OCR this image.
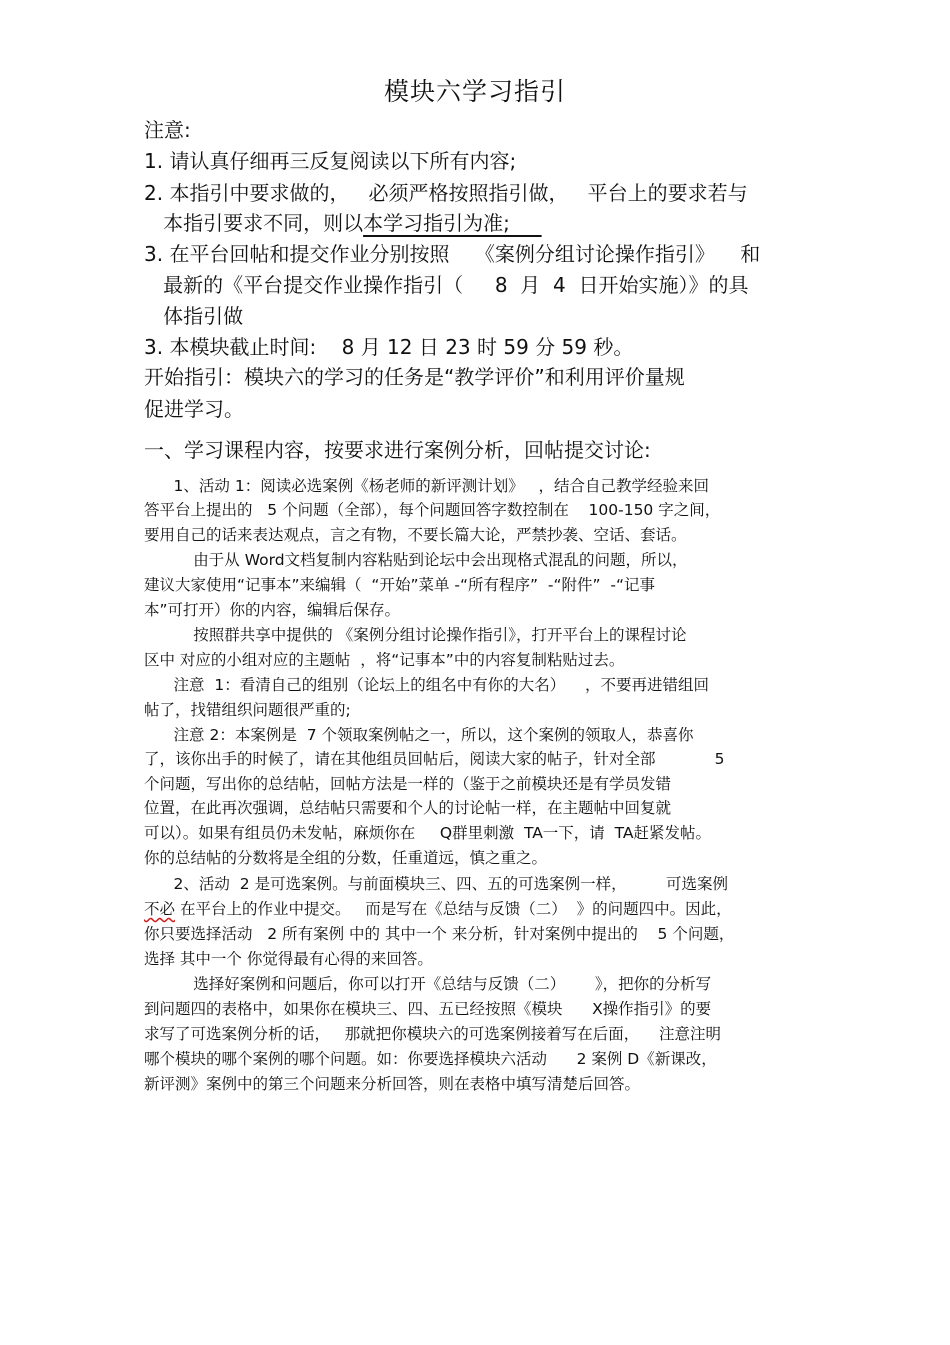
模块六学习指引
注意:
1. 请认真仔细再三反复阅读以下所有内容;
2. 本指引中要求做的，   必须严格按照指引做，   平台上的要求若与
本指引要求不同，则以本学习指引为准;
3. 在平台回帖和提交作业分别按照    《案例分组讨论操作指引》    和
最新的《平台提交作业操作指引（     8  月  4  日开始实施）》的具
体指引做
3. 本模块截止时间:    8 月 12 日 23 时 59 分 59 秒。
开始指引：模块六的学习的任务是“教学评价”和利用评价量规
促进学习。
一、学习课程内容，按要求进行案例分析，回帖提交讨论:
1、活动 1：阅读必选案例《杨老师的新评测计划》   ，结合自己教学经验来回
答平台上提出的   5 个问题（全部），每个问题回答字数控制在    100-150 字之间，
要用自己的话来表达观点，言之有物，不要长篇大论，严禁抄袭、空话、套话。
由于从 Word文档复制内容粘贴到论坛中会出现格式混乱的问题，所以，
建议大家使用“记事本”来编辑（  “开始”菜单 -“所有程序”  -“附件”  -“记事
本”可打开）你的内容，编辑后保存。
按照群共享中提供的 《案例分组讨论操作指引》，打开平台上的课程讨论
区中 对应的小组对应的主题帖  ，将“记事本”中的内容复制粘贴过去。
注意  1：看清自己的组别（论坛上的组名中有你的大名）    ，不要再进错组回
帖了，找错组织问题很严重的;
注意 2：本案例是  7 个领取案例帖之一，所以，这个案例的领取人，恭喜你
了，该你出手的时候了，请在其他组员回帖后，阅读大家的帖子，针对全部            5
个问题，写出你的总结帖，回帖方法是一样的（鉴于之前模块还是有学员发错
位置，在此再次强调，总结帖只需要和个人的讨论帖一样，在主题帖中回复就
可以）。如果有组员仍未发帖，麻烦你在     Q群里刺激  TA一下，请  TA赶紧发帖。
你的总结帖的分数将是全组的分数，任重道远，慎之重之。
2、活动  2 是可选案例。与前面模块三、四、五的可选案例一样，        可选案例
不必 在平台上的作业中提交。   而是写在《总结与反馈（二）  》的问题四中。因此，
你只要选择活动   2 所有案例 中的 其中一个 来分析，针对案例中提出的    5 个问题，
选择 其中一个 你觉得最有心得的来回答。
选择好案例和问题后，你可以打开《总结与反馈（二）      》，把你的分析写
到问题四的表格中，如果你在模块三、四、五已经按照《模块      X操作指引》的要
求写了可选案例分析的话，   那就把你模块六的可选案例接着写在后面，    注意注明
哪个模块的哪个案例的哪个问题。如：你要选择模块六活动      2 案例 D《新课改，
新评测》案例中的第三个问题来分析回答，则在表格中填写清楚后回答。
